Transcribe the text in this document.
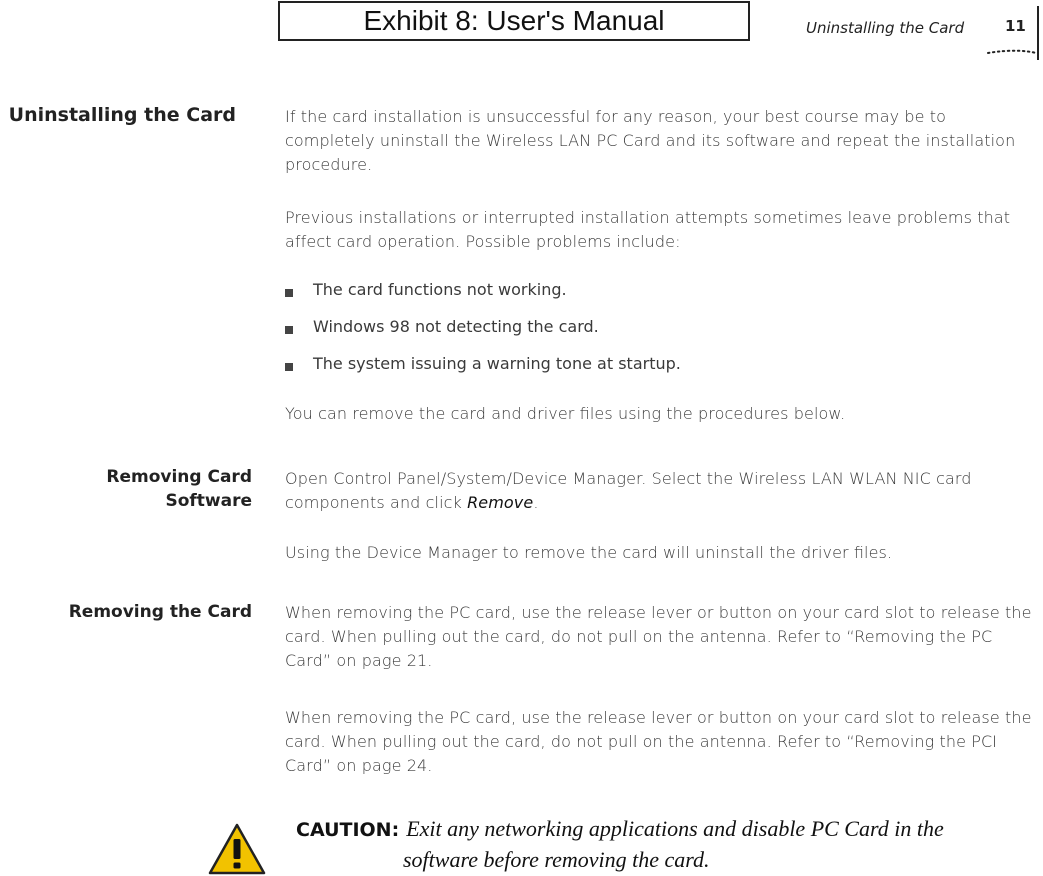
Exhibit 8: User's Manual	Uninstalling the Card	11
Uninstalling the Card	If the card installation is unsuccessful for any reason, your best course may be to completely uninstall the Wireless LAN PC Card and its software and repeat the installation procedure.

Previous installations or interrupted installation attempts sometimes leave problems that affect card operation. Possible problems include:

The card functions not working.
Windows 98 not detecting the card.
The system issuing a warning tone at startup.

You can remove the card and driver ﬁles using the procedures below.

Removing Card
Software

Open Control Panel/System/Device Manager. Select the Wireless LAN WLAN NIC card components and click Remove.

Using the Device Manager to remove the card will uninstall the driver ﬁles.

Removing the Card When removing the PC card, use the release lever or button on your card slot to release the card. When pulling out the card, do not pull on the antenna. Refer to “Removing the PC Card” on page 21.

When removing the PC card, use the release lever or button on your card slot to release the card. When pulling out the card, do not pull on the antenna. Refer to “Removing the PCI Card” on page 24.

CAUTION: Exit any networking applications and disable PC Card in the
software before removing the card.
